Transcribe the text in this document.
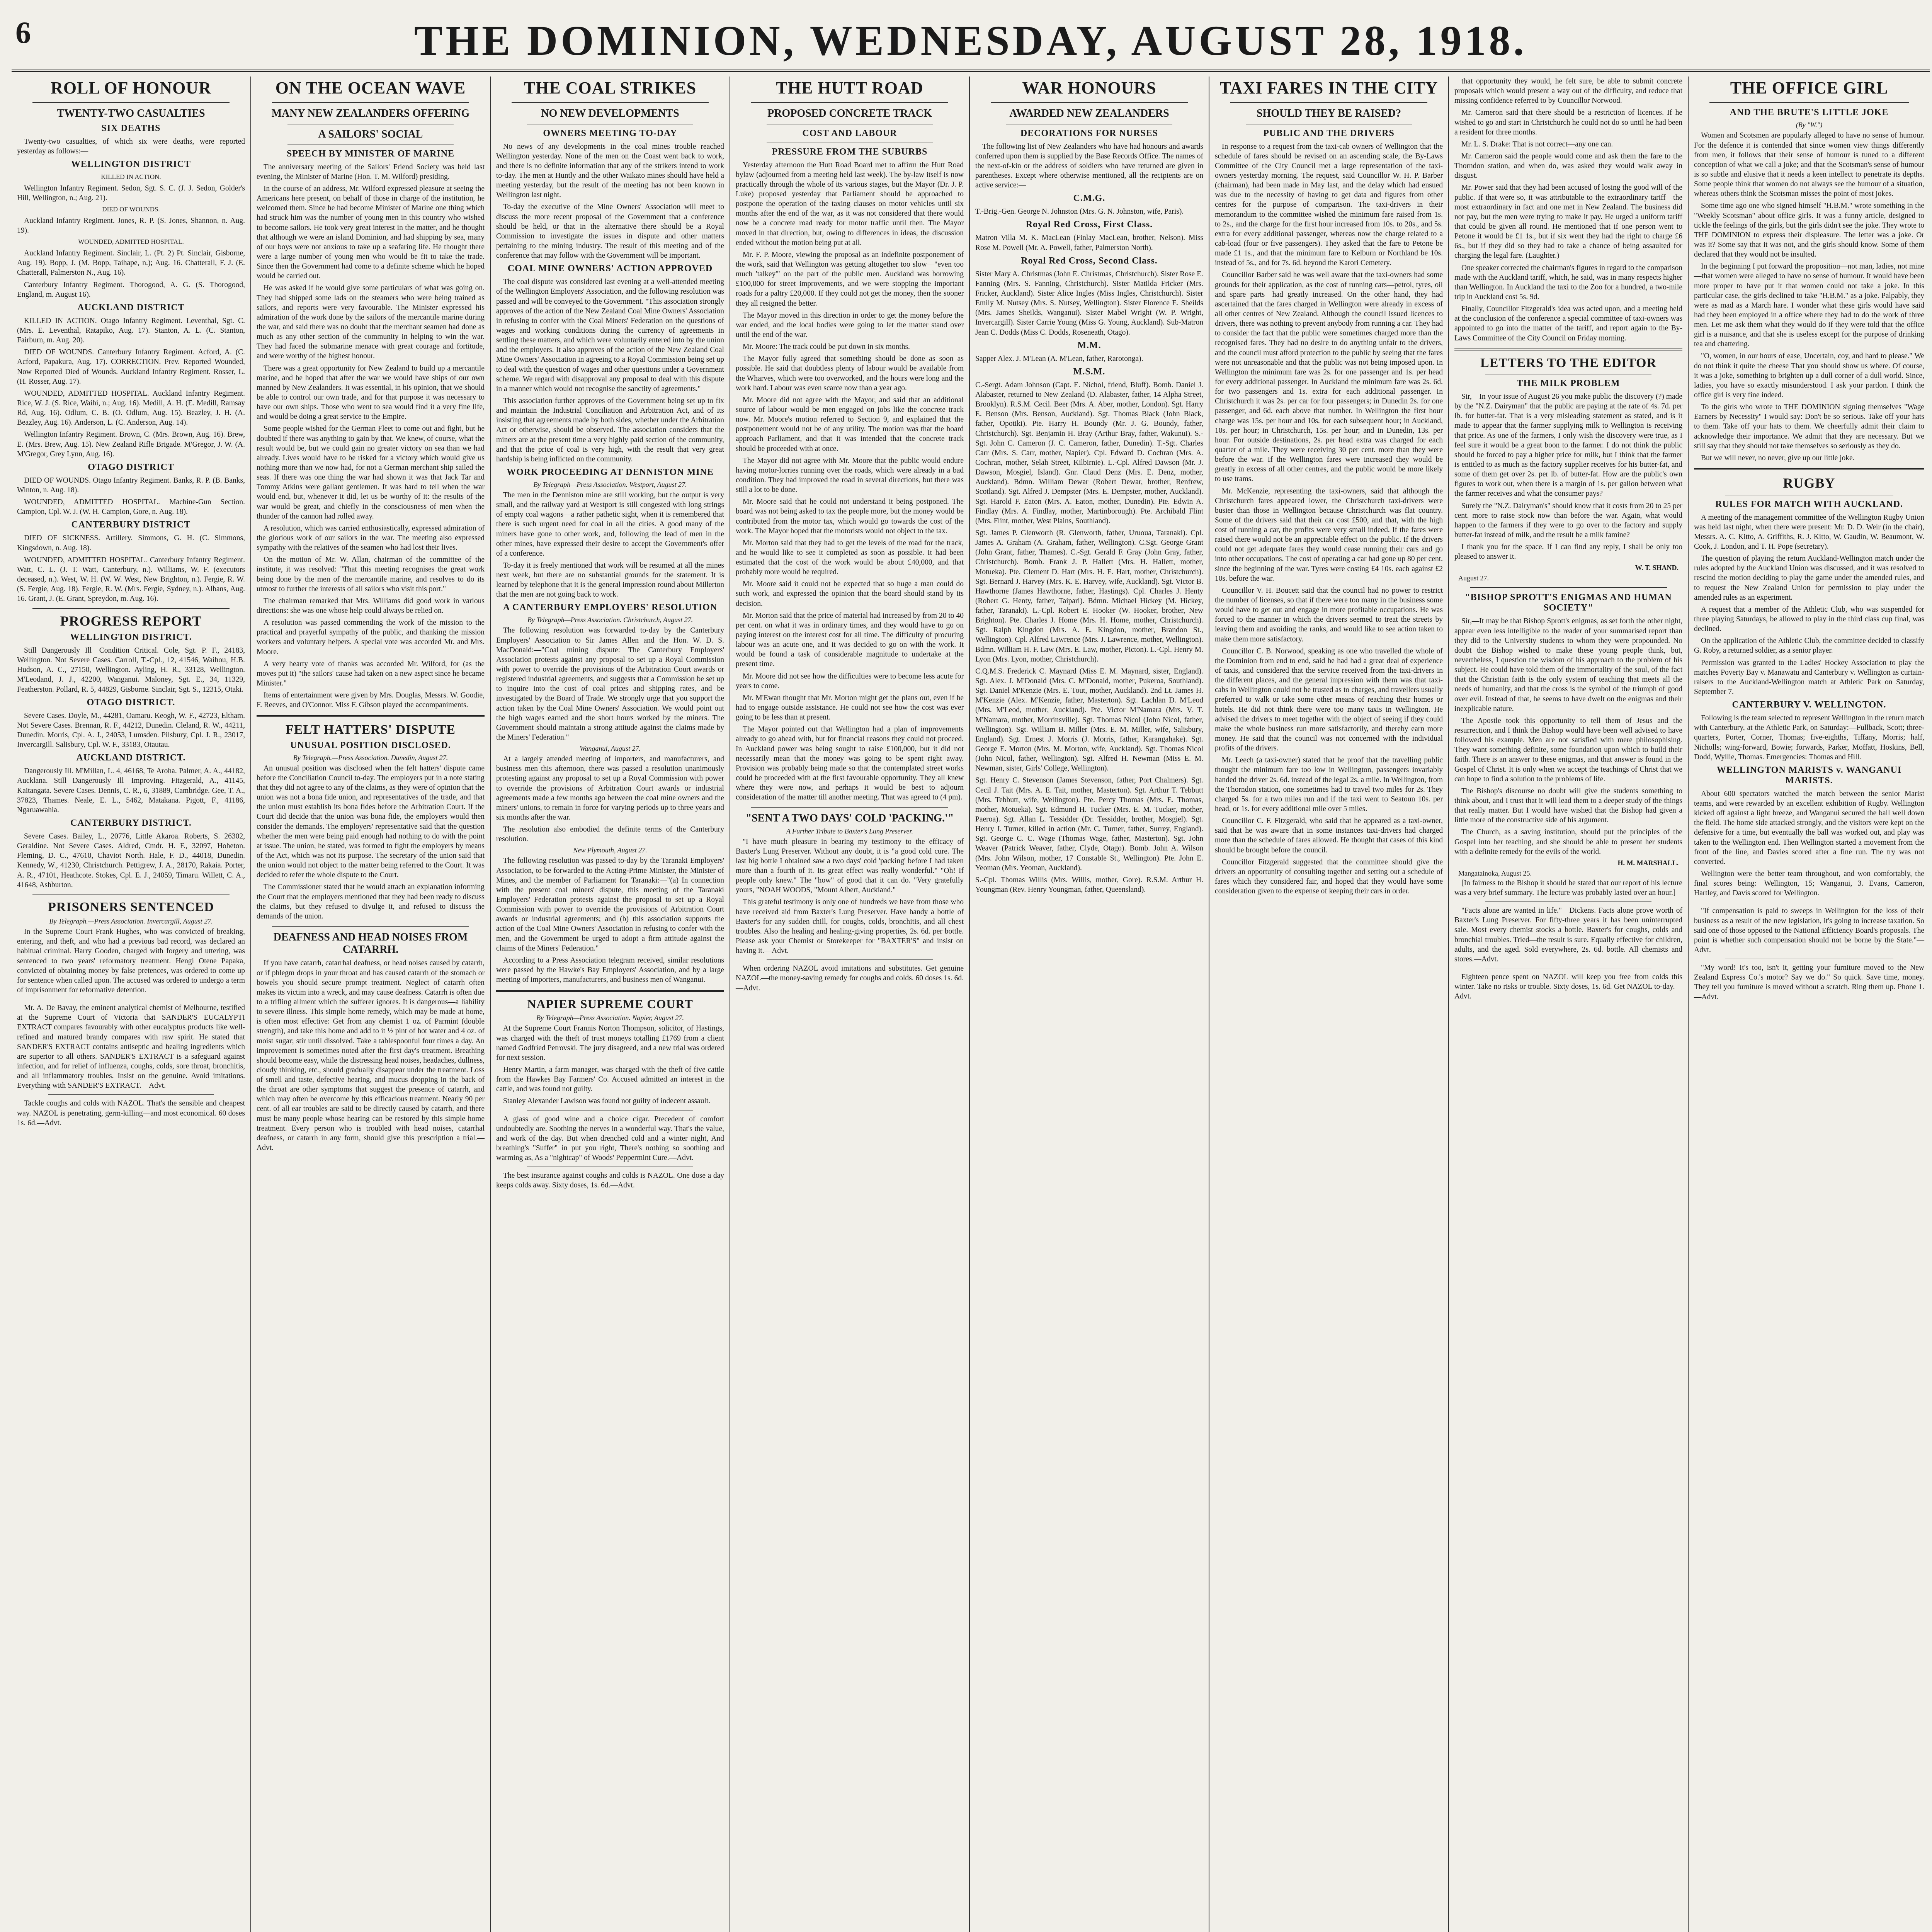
6	THE DOMINION, WEDNESDAY, AUGUST 28, 1918.
ROLL OF HONOUR
TWENTY-TWO CASUALTIES
SIX DEATHS

Twenty-two casualties, of which six were deaths, were reported yesterday as follows:—

WELLINGTON DISTRICT

KILLED IN ACTION.

Wellington Infantry Regiment. Sedon, Sgt. S. C. (J. J. Sedon, Golder's Hill, Wellington, n.; Aug. 21).

DIED OF WOUNDS.

Auckland Infantry Regiment. Jones, R. P. (S. Jones, Shannon, n. Aug. 19).

WOUNDED, ADMITTED HOSPITAL.

Auckland Infantry Regiment. Sinclair, L. (Pt. 2) Pt. Sinclair, Gisborne, Aug. 19). Bopp, J. (M. Bopp, Taihape, n.); Aug. 16. Chatterall, F. J. (E. Chatterall, Palmerston N., Aug. 16).

Canterbury Infantry Regiment. Thorogood, A. G. (S. Thorogood, England, m. August 16).

AUCKLAND DISTRICT

KILLED IN ACTION. Otago Infantry Regiment. Leventhal, Sgt. C. (Mrs. E. Leventhal, Ratapiko, Aug. 17). Stanton, A. L. (C. Stanton, Fairburn, m. Aug. 20).

DIED OF WOUNDS. Canterbury Infantry Regiment. Acford, A. (C. Acford, Papakura, Aug. 17). CORRECTION. Prev. Reported Wounded, Now Reported Died of Wounds. Auckland Infantry Regiment. Rosser, L. (H. Rosser, Aug. 17).

WOUNDED, ADMITTED HOSPITAL. Auckland Infantry Regiment. Rice, W. J. (S. Rice, Waihi, n.; Aug. 16). Medill, A. H. (E. Medill, Ramsay Rd, Aug. 16). Odlum, C. B. (O. Odlum, Aug. 15). Beazley, J. H. (A. Beazley, Aug. 16). Anderson, L. (C. Anderson, Aug. 14).

Wellington Infantry Regiment. Brown, C. (Mrs. Brown, Aug. 16). Brew, E. (Mrs. Brew, Aug. 15). New Zealand Rifle Brigade. M'Gregor, J. W. (A. M'Gregor, Grey Lynn, Aug. 16).

OTAGO DISTRICT

DIED OF WOUNDS. Otago Infantry Regiment. Banks, R. P. (B. Banks, Winton, n. Aug. 18).

WOUNDED, ADMITTED HOSPITAL. Machine-Gun Section. Campion, Cpl. W. J. (W. H. Campion, Gore, n. Aug. 18).

CANTERBURY DISTRICT

DIED OF SICKNESS. Artillery. Simmons, G. H. (C. Simmons, Kingsdown, n. Aug. 18).

WOUNDED, ADMITTED HOSPITAL. Canterbury Infantry Regiment. Watt, C. L. (J. T. Watt, Canterbury, n.). Williams, W. F. (executors deceased, n.). West, W. H. (W. W. West, New Brighton, n.). Fergie, R. W. (S. Fergie, Aug. 18). Fergie, R. W. (Mrs. Fergie, Sydney, n.). Albans, Aug. 16. Grant, J. (E. Grant, Spreydon, m. Aug. 16).

PROGRESS REPORT
WELLINGTON DISTRICT.

Still Dangerously Ill—Condition Critical. Cole, Sgt. P. F., 24183, Wellington. Not Severe Cases. Carroll, T.-Cpl., 12, 41546, Waihou, H.B. Hudson, A. C., 27150, Wellington. Ayling, H. R., 33128, Wellington. M'Leodand, J. J., 42200, Wanganui. Maloney, Sgt. E., 34, 11329, Featherston. Pollard, R. 5, 44829, Gisborne. Sinclair, Sgt. S., 12315, Otaki.

OTAGO DISTRICT.

Severe Cases. Doyle, M., 44281, Oamaru. Keogh, W. F., 42723, Eltham. Not Severe Cases. Brennan, R. F., 44212, Dunedin. Cleland, R. W., 44211, Dunedin. Morris, Cpl. A. J., 24053, Lumsden. Pilsbury, Cpl. J. R., 23017, Invercargill. Salisbury, Cpl. W. F., 33183, Otautau.

AUCKLAND DISTRICT.

Dangerously Ill. M'Millan, L. 4, 46168, Te Aroha. Palmer, A. A., 44182, Aucklana. Still Dangerously Ill—Improving. Fitzgerald, A., 41145, Kaitangata. Severe Cases. Dennis, C. R., 6, 31889, Cambridge. Gee, T. A., 37823, Thames. Neale, E. L., 5462, Matakana. Pigott, F., 41186, Ngaruawahia.

CANTERBURY DISTRICT.

Severe Cases. Bailey, L., 20776, Little Akaroa. Roberts, S. 26302, Geraldine. Not Severe Cases. Aldred, Cmdr. H. F., 32097, Hoheton. Fleming, D. C., 47610, Chaviot North. Hale, F. D., 44018, Dunedin. Kennedy, W., 41230, Christchurch. Pettigrew, J. A., 28170, Rakaia. Porter, A. R., 47101, Heathcote. Stokes, Cpl. E. J., 24059, Timaru. Willett, C. A., 41648, Ashburton.

PRISONERS SENTENCED
By Telegraph.—Press Association. Invercargill, August 27.

In the Supreme Court Frank Hughes, who was convicted of breaking, entering, and theft, and who had a previous bad record, was declared an habitual criminal. Harry Gooden, charged with forgery and uttering, was sentenced to two years' reformatory treatment. Hengi Otene Papaka, convicted of obtaining money by false pretences, was ordered to come up for sentence when called upon. The accused was ordered to undergo a term of imprisonment for reformative detention.

Mr. A. De Bavay, the eminent analytical chemist of Melbourne, testified at the Supreme Court of Victoria that SANDER'S EUCALYPTI EXTRACT compares favourably with other eucalyptus products like well-refined and matured brandy compares with raw spirit. He stated that SANDER'S EXTRACT contains antiseptic and healing ingredients which are superior to all others. SANDER'S EXTRACT is a safeguard against infection, and for relief of influenza, coughs, colds, sore throat, bronchitis, and all inflammatory troubles. Insist on the genuine. Avoid imitations. Everything with SANDER'S EXTRACT.—Advt.

Tackle coughs and colds with NAZOL. That's the sensible and cheapest way. NAZOL is penetrating, germ-killing—and most economical. 60 doses 1s. 6d.—Advt.

ON THE OCEAN WAVE
MANY NEW ZEALANDERS OFFERING
A SAILORS' SOCIAL
SPEECH BY MINISTER OF MARINE

The anniversary meeting of the Sailors' Friend Society was held last evening, the Minister of Marine (Hon. T. M. Wilford) presiding.

In the course of an address, Mr. Wilford expressed pleasure at seeing the Americans here present, on behalf of those in charge of the institution, he welcomed them. Since he had become Minister of Marine one thing which had struck him was the number of young men in this country who wished to become sailors. He took very great interest in the matter, and he thought that although we were an island Dominion, and had shipping by sea, many of our boys were not anxious to take up a seafaring life. He thought there were a large number of young men who would be fit to take the trade. Since then the Government had come to a definite scheme which he hoped would be carried out.

He was asked if he would give some particulars of what was going on. They had shipped some lads on the steamers who were being trained as sailors, and reports were very favourable. The Minister expressed his admiration of the work done by the sailors of the mercantile marine during the war, and said there was no doubt that the merchant seamen had done as much as any other section of the community in helping to win the war. They had faced the submarine menace with great courage and fortitude, and were worthy of the highest honour.

There was a great opportunity for New Zealand to build up a mercantile marine, and he hoped that after the war we would have ships of our own manned by New Zealanders. It was essential, in his opinion, that we should be able to control our own trade, and for that purpose it was necessary to have our own ships. Those who went to sea would find it a very fine life, and would be doing a great service to the Empire.

Some people wished for the German Fleet to come out and fight, but he doubted if there was anything to gain by that. We knew, of course, what the result would be, but we could gain no greater victory on sea than we had already. Lives would have to be risked for a victory which would give us nothing more than we now had, for not a German merchant ship sailed the seas. If there was one thing the war had shown it was that Jack Tar and Tommy Atkins were gallant gentlemen. It was hard to tell when the war would end, but, whenever it did, let us be worthy of it: the results of the war would be great, and chiefly in the consciousness of men when the thunder of the cannon had rolled away.

A resolution, which was carried enthusiastically, expressed admiration of the glorious work of our sailors in the war. The meeting also expressed sympathy with the relatives of the seamen who had lost their lives.

On the motion of Mr. W. Allan, chairman of the committee of the institute, it was resolved: "That this meeting recognises the great work being done by the men of the mercantile marine, and resolves to do its utmost to further the interests of all sailors who visit this port."

The chairman remarked that Mrs. Williams did good work in various directions: she was one whose help could always be relied on.

A resolution was passed commending the work of the mission to the practical and prayerful sympathy of the public, and thanking the mission workers and voluntary helpers. A special vote was accorded Mr. and Mrs. Moore.

A very hearty vote of thanks was accorded Mr. Wilford, for (as the moves put it) "the sailors' cause had taken on a new aspect since he became Minister."

Items of entertainment were given by Mrs. Douglas, Messrs. W. Goodie, F. Reeves, and O'Connor. Miss F. Gibson played the accompaniments.

FELT HATTERS' DISPUTE
UNUSUAL POSITION DISCLOSED.
By Telegraph.—Press Association. Dunedin, August 27.

An unusual position was disclosed when the felt hatters' dispute came before the Conciliation Council to-day. The employers put in a note stating that they did not agree to any of the claims, as they were of opinion that the union was not a bona fide union, and representatives of the trade, and that the union must establish its bona fides before the Arbitration Court. If the Court did decide that the union was bona fide, the employers would then consider the demands. The employers' representative said that the question whether the men were being paid enough had nothing to do with the point at issue. The union, he stated, was formed to fight the employers by means of the Act, which was not its purpose. The secretary of the union said that the union would not object to the matter being referred to the Court. It was decided to refer the whole dispute to the Court.

The Commissioner stated that he would attach an explanation informing the Court that the employers mentioned that they had been ready to discuss the claims, but they refused to divulge it, and refused to discuss the demands of the union.

DEAFNESS AND HEAD NOISES FROM CATARRH.

If you have catarrh, catarrhal deafness, or head noises caused by catarrh, or if phlegm drops in your throat and has caused catarrh of the stomach or bowels you should secure prompt treatment. Neglect of catarrh often makes its victim into a wreck, and may cause deafness. Catarrh is often due to a trifling ailment which the sufferer ignores. It is dangerous—a liability to severe illness. This simple home remedy, which may be made at home, is often most effective: Get from any chemist 1 oz. of Parmint (double strength), and take this home and add to it ½ pint of hot water and 4 oz. of moist sugar; stir until dissolved. Take a tablespoonful four times a day. An improvement is sometimes noted after the first day's treatment. Breathing should become easy, while the distressing head noises, headaches, dullness, cloudy thinking, etc., should gradually disappear under the treatment. Loss of smell and taste, defective hearing, and mucus dropping in the back of the throat are other symptoms that suggest the presence of catarrh, and which may often be overcome by this efficacious treatment. Nearly 90 per cent. of all ear troubles are said to be directly caused by catarrh, and there must be many people whose hearing can be restored by this simple home treatment. Every person who is troubled with head noises, catarrhal deafness, or catarrh in any form, should give this prescription a trial.—Advt.

THE COAL STRIKES
NO NEW DEVELOPMENTS
OWNERS MEETING TO-DAY

No news of any developments in the coal mines trouble reached Wellington yesterday. None of the men on the Coast went back to work, and there is no definite information that any of the strikers intend to work to-day. The men at Huntly and the other Waikato mines should have held a meeting yesterday, but the result of the meeting has not been known in Wellington last night.

To-day the executive of the Mine Owners' Association will meet to discuss the more recent proposal of the Government that a conference should be held, or that in the alternative there should be a Royal Commission to investigate the issues in dispute and other matters pertaining to the mining industry. The result of this meeting and of the conference that may follow with the Government will be important.

COAL MINE OWNERS' ACTION APPROVED

The coal dispute was considered last evening at a well-attended meeting of the Wellington Employers' Association, and the following resolution was passed and will be conveyed to the Government. "This association strongly approves of the action of the New Zealand Coal Mine Owners' Association in refusing to confer with the Coal Miners' Federation on the questions of wages and working conditions during the currency of agreements in settling these matters, and which were voluntarily entered into by the union and the employers. It also approves of the action of the New Zealand Coal Mine Owners' Association in agreeing to a Royal Commission being set up to deal with the question of wages and other questions under a Government scheme. We regard with disapproval any proposal to deal with this dispute in a manner which would not recognise the sanctity of agreements."

This association further approves of the Government being set up to fix and maintain the Industrial Conciliation and Arbitration Act, and of its insisting that agreements made by both sides, whether under the Arbitration Act or otherwise, should be observed. The association considers that the miners are at the present time a very highly paid section of the community, and that the price of coal is very high, with the result that very great hardship is being inflicted on the community.

WORK PROCEEDING AT DENNISTON MINE
By Telegraph—Press Association. Westport, August 27.

The men in the Denniston mine are still working, but the output is very small, and the railway yard at Westport is still congested with long strings of empty coal wagons—a rather pathetic sight, when it is remembered that there is such urgent need for coal in all the cities. A good many of the miners have gone to other work, and, following the lead of men in the other mines, have expressed their desire to accept the Government's offer of a conference.

To-day it is freely mentioned that work will be resumed at all the mines next week, but there are no substantial grounds for the statement. It is learned by telephone that it is the general impression round about Millerton that the men are not going back to work.

A CANTERBURY EMPLOYERS' RESOLUTION
By Telegraph—Press Association. Christchurch, August 27.

The following resolution was forwarded to-day by the Canterbury Employers' Association to Sir James Allen and the Hon. W. D. S. MacDonald:—"Coal mining dispute: The Canterbury Employers' Association protests against any proposal to set up a Royal Commission with power to override the provisions of the Arbitration Court awards or registered industrial agreements, and suggests that a Commission be set up to inquire into the cost of coal prices and shipping rates, and be investigated by the Board of Trade. We strongly urge that you support the action taken by the Coal Mine Owners' Association. We would point out the high wages earned and the short hours worked by the miners. The Government should maintain a strong attitude against the claims made by the Miners' Federation."

Wanganui, August 27.

At a largely attended meeting of importers, and manufacturers, and business men this afternoon, there was passed a resolution unanimously protesting against any proposal to set up a Royal Commission with power to override the provisions of Arbitration Court awards or industrial agreements made a few months ago between the coal mine owners and the miners' unions, to remain in force for varying periods up to three years and six months after the war.

The resolution also embodied the definite terms of the Canterbury resolution.

New Plymouth, August 27.

The following resolution was passed to-day by the Taranaki Employers' Association, to be forwarded to the Acting-Prime Minister, the Minister of Mines, and the member of Parliament for Taranaki:—"(a) In connection with the present coal miners' dispute, this meeting of the Taranaki Employers' Federation protests against the proposal to set up a Royal Commission with power to override the provisions of Arbitration Court awards or industrial agreements; and (b) this association supports the action of the Coal Mine Owners' Association in refusing to confer with the men, and the Government be urged to adopt a firm attitude against the claims of the Miners' Federation."

According to a Press Association telegram received, similar resolutions were passed by the Hawke's Bay Employers' Association, and by a large meeting of importers, manufacturers, and business men of Wanganui.

NAPIER SUPREME COURT
By Telegraph—Press Association. Napier, August 27.

At the Supreme Court Frannis Norton Thompson, solicitor, of Hastings, was charged with the theft of trust moneys totalling £1769 from a client named Godfried Petrovski. The jury disagreed, and a new trial was ordered for next session.

Henry Martin, a farm manager, was charged with the theft of five cattle from the Hawkes Bay Farmers' Co. Accused admitted an interest in the cattle, and was found not guilty.

Stanley Alexander Lawlson was found not guilty of indecent assault.

A glass of good wine and a choice cigar. Precedent of comfort undoubtedly are. Soothing the nerves in a wonderful way. That's the value, and work of the day. But when drenched cold and a winter night, And breathing's "Suffer" in put you right, There's nothing so soothing and warming as, As a "nightcap" of Woods' Peppermint Cure.—Advt.

The best insurance against coughs and colds is NAZOL. One dose a day keeps colds away. Sixty doses, 1s. 6d.—Advt.

THE HUTT ROAD
PROPOSED CONCRETE TRACK
COST AND LABOUR
PRESSURE FROM THE SUBURBS

Yesterday afternoon the Hutt Road Board met to affirm the Hutt Road bylaw (adjourned from a meeting held last week). The by-law itself is now practically through the whole of its various stages, but the Mayor (Dr. J. P. Luke) proposed yesterday that Parliament should be approached to postpone the operation of the taxing clauses on motor vehicles until six months after the end of the war, as it was not considered that there would now be a concrete road ready for motor traffic until then. The Mayor moved in that direction, but, owing to differences in ideas, the discussion ended without the motion being put at all.

Mr. F. P. Moore, viewing the proposal as an indefinite postponement of the work, said that Wellington was getting altogether too slow—"even too much 'talkey'" on the part of the public men. Auckland was borrowing £100,000 for street improvements, and we were stopping the important roads for a paltry £20,000. If they could not get the money, then the sooner they all resigned the better.

The Mayor moved in this direction in order to get the money before the war ended, and the local bodies were going to let the matter stand over until the end of the war.

Mr. Moore: The track could be put down in six months.

The Mayor fully agreed that something should be done as soon as possible. He said that doubtless plenty of labour would be available from the Wharves, which were too overworked, and the hours were long and the work hard. Labour was even scarce now than a year ago.

Mr. Moore did not agree with the Mayor, and said that an additional source of labour would be men engaged on jobs like the concrete track now. Mr. Moore's motion referred to Section 9, and explained that the postponement would not be of any utility. The motion was that the board approach Parliament, and that it was intended that the concrete track should be proceeded with at once.

The Mayor did not agree with Mr. Moore that the public would endure having motor-lorries running over the roads, which were already in a bad condition. They had improved the road in several directions, but there was still a lot to be done.

Mr. Moore said that he could not understand it being postponed. The board was not being asked to tax the people more, but the money would be contributed from the motor tax, which would go towards the cost of the work. The Mayor hoped that the motorists would not object to the tax.

Mr. Morton said that they had to get the levels of the road for the track, and he would like to see it completed as soon as possible. It had been estimated that the cost of the work would be about £40,000, and that probably more would be required.

Mr. Moore said it could not be expected that so huge a man could do such work, and expressed the opinion that the board should stand by its decision.

Mr. Morton said that the price of material had increased by from 20 to 40 per cent. on what it was in ordinary times, and they would have to go on paying interest on the interest cost for all time. The difficulty of procuring labour was an acute one, and it was decided to go on with the work. It would be found a task of considerable magnitude to undertake at the present time.

Mr. Moore did not see how the difficulties were to become less acute for years to come.

Mr. M'Ewan thought that Mr. Morton might get the plans out, even if he had to engage outside assistance. He could not see how the cost was ever going to be less than at present.

The Mayor pointed out that Wellington had a plan of improvements already to go ahead with, but for financial reasons they could not proceed. In Auckland power was being sought to raise £100,000, but it did not necessarily mean that the money was going to be spent right away. Provision was probably being made so that the contemplated street works could be proceeded with at the first favourable opportunity. They all knew where they were now, and perhaps it would be best to adjourn consideration of the matter till another meeting. That was agreed to (4 pm).

"SENT A TWO DAYS' COLD 'PACKING.'"
A Further Tribute to Baxter's Lung Preserver.

"I have much pleasure in bearing my testimony to the efficacy of Baxter's Lung Preserver. Without any doubt, it is "a good cold cure. The last big bottle I obtained saw a two days' cold 'packing' before I had taken more than a fourth of it. Its great effect was really wonderful." "Oh! If people only knew." The "how" of good that it can do. "Very gratefully yours, "NOAH WOODS, "Mount Albert, Auckland."

This grateful testimony is only one of hundreds we have from those who have received aid from Baxter's Lung Preserver. Have handy a bottle of Baxter's for any sudden chill, for coughs, colds, bronchitis, and all chest troubles. Also the healing and healing-giving properties, 2s. 6d. per bottle. Please ask your Chemist or Storekeeper for "BAXTER'S" and insist on having it.—Advt.

When ordering NAZOL avoid imitations and substitutes. Get genuine NAZOL—the money-saving remedy for coughs and colds. 60 doses 1s. 6d.—Advt.

WAR HONOURS
AWARDED NEW ZEALANDERS
DECORATIONS FOR NURSES

The following list of New Zealanders who have had honours and awards conferred upon them is supplied by the Base Records Office. The names of the next-of-kin or the address of soldiers who have returned are given in parentheses. Except where otherwise mentioned, all the recipients are on active service:—

C.M.G.

T.-Brig.-Gen. George N. Johnston (Mrs. G. N. Johnston, wife, Paris).

Royal Red Cross, First Class.

Matron Villa M. K. MacLean (Finlay MacLean, brother, Nelson). Miss Rose M. Powell (Mr. A. Powell, father, Palmerston North).

Royal Red Cross, Second Class.

Sister Mary A. Christmas (John E. Christmas, Christchurch). Sister Rose E. Fanning (Mrs. S. Fanning, Christchurch). Sister Matilda Fricker (Mrs. Fricker, Auckland). Sister Alice Ingles (Miss Ingles, Christchurch). Sister Emily M. Nutsey (Mrs. S. Nutsey, Wellington). Sister Florence E. Sheilds (Mrs. James Sheilds, Wanganui). Sister Mabel Wright (W. P. Wright, Invercargill). Sister Carrie Young (Miss G. Young, Auckland). Sub-Matron Jean C. Dodds (Miss C. Dodds, Roseneath, Otago).

M.M.

Sapper Alex. J. M'Lean (A. M'Lean, father, Rarotonga).

M.S.M.

C.-Sergt. Adam Johnson (Capt. E. Nichol, friend, Bluff). Bomb. Daniel J. Alabaster, returned to New Zealand (D. Alabaster, father, 14 Alpha Street, Brooklyn). R.S.M. Cecil. Beer (Mrs. A. Aber, mother, London). Sgt. Harry E. Benson (Mrs. Benson, Auckland). Sgt. Thomas Black (John Black, father, Opotiki). Pte. Harry H. Boundy (Mr. J. G. Boundy, father, Christchurch). Sgt. Benjamin H. Bray (Arthur Bray, father, Wakunui). S.-Sgt. John C. Cameron (J. C. Cameron, father, Dunedin). T.-Sgt. Charles Carr (Mrs. S. Carr, mother, Napier). Cpl. Edward D. Cochran (Mrs. A. Cochran, mother, Selah Street, Kilbirnie). L.-Cpl. Alfred Dawson (Mr. J. Dawson, Mosgiel, Island). Gnr. Claud Denz (Mrs. E. Denz, mother, Auckland). Bdmn. William Dewar (Robert Dewar, brother, Renfrew, Scotland). Sgt. Alfred J. Dempster (Mrs. E. Dempster, mother, Auckland). Sgt. Harold F. Eaton (Mrs. A. Eaton, mother, Dunedin). Pte. Edwin A. Findlay (Mrs. A. Findlay, mother, Martinborough). Pte. Archibald Flint (Mrs. Flint, mother, West Plains, Southland).

Sgt. James P. Glenworth (R. Glenworth, father, Uruoua, Taranaki). Cpl. James A. Graham (A. Graham, father, Wellington). C.Sgt. George Grant (John Grant, father, Thames). C.-Sgt. Gerald F. Gray (John Gray, father, Christchurch). Bomb. Frank J. P. Hallett (Mrs. H. Hallett, mother, Motueka). Pte. Clement D. Hart (Mrs. H. E. Hart, mother, Christchurch). Sgt. Bernard J. Harvey (Mrs. K. E. Harvey, wife, Auckland). Sgt. Victor B. Hawthorne (James Hawthorne, father, Hastings). Cpl. Charles J. Henty (Robert G. Henty, father, Taipari). Bdmn. Michael Hickey (M. Hickey, father, Taranaki). L.-Cpl. Robert E. Hooker (W. Hooker, brother, New Brighton). Pte. Charles J. Home (Mrs. H. Home, mother, Christchurch). Sgt. Ralph Kingdon (Mrs. A. E. Kingdon, mother, Brandon St., Wellington). Cpl. Alfred Lawrence (Mrs. J. Lawrence, mother, Wellington). Bdmn. William H. F. Law (Mrs. E. Law, mother, Picton). L.-Cpl. Henry M. Lyon (Mrs. Lyon, mother, Christchurch).

C.Q.M.S. Frederick C. Maynard (Miss E. M. Maynard, sister, England). Sgt. Alex. J. M'Donald (Mrs. C. M'Donald, mother, Pukeroa, Southland). Sgt. Daniel M'Kenzie (Mrs. E. Tout, mother, Auckland). 2nd Lt. James H. M'Kenzie (Alex. M'Kenzie, father, Masterton). Sgt. Lachlan D. M'Leod (Mrs. M'Leod, mother, Auckland). Pte. Victor M'Namara (Mrs. V. T. M'Namara, mother, Morrinsville). Sgt. Thomas Nicol (John Nicol, father, Wellington). Sgt. William B. Miller (Mrs. E. M. Miller, wife, Salisbury, England). Sgt. Ernest J. Morris (J. Morris, father, Karangahake). Sgt. George E. Morton (Mrs. M. Morton, wife, Auckland). Sgt. Thomas Nicol (John Nicol, father, Wellington). Sgt. Alfred H. Newman (Miss E. M. Newman, sister, Girls' College, Wellington).

Sgt. Henry C. Stevenson (James Stevenson, father, Port Chalmers). Sgt. Cecil J. Tait (Mrs. A. E. Tait, mother, Masterton). Sgt. Arthur T. Tebbutt (Mrs. Tebbutt, wife, Wellington). Pte. Percy Thomas (Mrs. E. Thomas, mother, Motueka). Sgt. Edmund H. Tucker (Mrs. E. M. Tucker, mother, Paeroa). Sgt. Allan L. Tessidder (Dr. Tessidder, brother, Mosgiel). Sgt. Henry J. Turner, killed in action (Mr. C. Turner, father, Surrey, England). Sgt. George C. C. Wage (Thomas Wage, father, Masterton). Sgt. John Weaver (Patrick Weaver, father, Clyde, Otago). Bomb. John A. Wilson (Mrs. John Wilson, mother, 17 Constable St., Wellington). Pte. John E. Yeoman (Mrs. Yeoman, Auckland).

S.-Cpl. Thomas Willis (Mrs. Willis, mother, Gore). R.S.M. Arthur H. Youngman (Rev. Henry Youngman, father, Queensland).

TAXI FARES IN THE CITY
SHOULD THEY BE RAISED?
PUBLIC AND THE DRIVERS

In response to a request from the taxi-cab owners of Wellington that the schedule of fares should be revised on an ascending scale, the By-Laws Committee of the City Council met a large representation of the taxi-owners yesterday morning. The request, said Councillor W. H. P. Barber (chairman), had been made in May last, and the delay which had ensued was due to the necessity of having to get data and figures from other centres for the purpose of comparison. The taxi-drivers in their memorandum to the committee wished the minimum fare raised from 1s. to 2s., and the charge for the first hour increased from 10s. to 20s., and 5s. extra for every additional passenger, whereas now the charge related to a cab-load (four or five passengers). They asked that the fare to Petone be made £1 1s., and that the minimum fare to Kelburn or Northland be 10s. instead of 5s., and for 7s. 6d. beyond the Karori Cemetery.

Councillor Barber said he was well aware that the taxi-owners had some grounds for their application, as the cost of running cars—petrol, tyres, oil and spare parts—had greatly increased. On the other hand, they had ascertained that the fares charged in Wellington were already in excess of all other centres of New Zealand. Although the council issued licences to drivers, there was nothing to prevent anybody from running a car. They had to consider the fact that the public were sometimes charged more than the recognised fares. They had no desire to do anything unfair to the drivers, and the council must afford protection to the public by seeing that the fares were not unreasonable and that the public was not being imposed upon. In Wellington the minimum fare was 2s. for one passenger and 1s. per head for every additional passenger. In Auckland the minimum fare was 2s. 6d. for two passengers and 1s. extra for each additional passenger. In Christchurch it was 2s. per car for four passengers; in Dunedin 2s. for one passenger, and 6d. each above that number. In Wellington the first hour charge was 15s. per hour and 10s. for each subsequent hour; in Auckland, 10s. per hour; in Christchurch, 15s. per hour; and in Dunedin, 13s. per hour. For outside destinations, 2s. per head extra was charged for each quarter of a mile. They were receiving 30 per cent. more than they were before the war. If the Wellington fares were increased they would be greatly in excess of all other centres, and the public would be more likely to use trams.

Mr. McKenzie, representing the taxi-owners, said that although the Christchurch fares appeared lower, the Christchurch taxi-drivers were busier than those in Wellington because Christchurch was flat country. Some of the drivers said that their car cost £500, and that, with the high cost of running a car, the profits were very small indeed. If the fares were raised there would not be an appreciable effect on the public. If the drivers could not get adequate fares they would cease running their cars and go into other occupations. The cost of operating a car had gone up 80 per cent. since the beginning of the war. Tyres were costing £4 10s. each against £2 10s. before the war.

Councillor V. H. Boucett said that the council had no power to restrict the number of licenses, so that if there were too many in the business some would have to get out and engage in more profitable occupations. He was forced to the manner in which the drivers seemed to treat the streets by leaving them and avoiding the ranks, and would like to see action taken to make them more satisfactory.

Councillor C. B. Norwood, speaking as one who travelled the whole of the Dominion from end to end, said he had had a great deal of experience of taxis, and considered that the service received from the taxi-drivers in the different places, and the general impression with them was that taxi-cabs in Wellington could not be trusted as to charges, and travellers usually preferred to walk or take some other means of reaching their homes or hotels. He did not think there were too many taxis in Wellington. He advised the drivers to meet together with the object of seeing if they could make the whole business run more satisfactorily, and thereby earn more money. He said that the council was not concerned with the individual profits of the drivers.

Mr. Leech (a taxi-owner) stated that he proof that the travelling public thought the minimum fare too low in Wellington, passengers invariably handed the driver 2s. 6d. instead of the legal 2s. a mile. In Wellington, from the Thorndon station, one sometimes had to travel two miles for 2s. They charged 5s. for a two miles run and if the taxi went to Seatoun 10s. per head, or 1s. for every additional mile over 5 miles.

Councillor C. F. Fitzgerald, who said that he appeared as a taxi-owner, said that he was aware that in some instances taxi-drivers had charged more than the schedule of fares allowed. He thought that cases of this kind should be brought before the council.

Councillor Fitzgerald suggested that the committee should give the drivers an opportunity of consulting together and setting out a schedule of fares which they considered fair, and hoped that they would have some consideration given to the expense of keeping their cars in order.

that opportunity they would, he felt sure, be able to submit concrete proposals which would present a way out of the difficulty, and reduce that missing confidence referred to by Councillor Norwood.

Mr. Cameron said that there should be a restriction of licences. If he wished to go and start in Christchurch he could not do so until he had been a resident for three months.

Mr. L. S. Drake: That is not correct—any one can.

Mr. Cameron said the people would come and ask them the fare to the Thorndon station, and when do, was asked they would walk away in disgust.

Mr. Power said that they had been accused of losing the good will of the public. If that were so, it was attributable to the extraordinary tariff—the most extraordinary in fact and one met in New Zealand. The business did not pay, but the men were trying to make it pay. He urged a uniform tariff that could be given all round. He mentioned that if one person went to Petone it would be £1 1s., but if six went they had the right to charge £6 6s., but if they did so they had to take a chance of being assaulted for charging the legal fare. (Laughter.)

One speaker corrected the chairman's figures in regard to the comparison made with the Auckland tariff, which, he said, was in many respects higher than Wellington. In Auckland the taxi to the Zoo for a hundred, a two-mile trip in Auckland cost 5s. 9d.

Finally, Councillor Fitzgerald's idea was acted upon, and a meeting held at the conclusion of the conference a special committee of taxi-owners was appointed to go into the matter of the tariff, and report again to the By-Laws Committee of the City Council on Friday morning.

LETTERS TO THE EDITOR
THE MILK PROBLEM

Sir,—In your issue of August 26 you make public the discovery (?) made by the "N.Z. Dairyman" that the public are paying at the rate of 4s. 7d. per lb. for butter-fat. That is a very misleading statement as stated, and is it made to appear that the farmer supplying milk to Wellington is receiving that price. As one of the farmers, I only wish the discovery were true, as I feel sure it would be a great boon to the farmer. I do not think the public should be forced to pay a higher price for milk, but I think that the farmer is entitled to as much as the factory supplier receives for his butter-fat, and some of them get over 2s. per lb. of butter-fat. How are the public's own figures to work out, when there is a margin of 1s. per gallon between what the farmer receives and what the consumer pays?

Surely the "N.Z. Dairyman's" should know that it costs from 20 to 25 per cent. more to raise stock now than before the war. Again, what would happen to the farmers if they were to go over to the factory and supply butter-fat instead of milk, and the result be a milk famine?

I thank you for the space. If I can find any reply, I shall be only too pleased to answer it.

W. T. SHAND.
August 27.
"BISHOP SPROTT'S ENIGMAS AND HUMAN SOCIETY"

Sir,—It may be that Bishop Sprott's enigmas, as set forth the other night, appear even less intelligible to the reader of your summarised report than they did to the University students to whom they were propounded. No doubt the Bishop wished to make these young people think, but, nevertheless, I question the wisdom of his approach to the problem of his subject. He could have told them of the immortality of the soul, of the fact that the Christian faith is the only system of teaching that meets all the needs of humanity, and that the cross is the symbol of the triumph of good over evil. Instead of that, he seems to have dwelt on the enigmas and their inexplicable nature.

The Apostle took this opportunity to tell them of Jesus and the resurrection, and I think the Bishop would have been well advised to have followed his example. Men are not satisfied with mere philosophising. They want something definite, some foundation upon which to build their faith. There is an answer to these enigmas, and that answer is found in the Gospel of Christ. It is only when we accept the teachings of Christ that we can hope to find a solution to the problems of life.

The Bishop's discourse no doubt will give the students something to think about, and I trust that it will lead them to a deeper study of the things that really matter. But I would have wished that the Bishop had given a little more of the constructive side of his argument.

The Church, as a saving institution, should put the principles of the Gospel into her teaching, and she should be able to present her students with a definite remedy for the evils of the world.

H. M. MARSHALL.
Mangatainoka, August 25.

[In fairness to the Bishop it should be stated that our report of his lecture was a very brief summary. The lecture was probably lasted over an hour.]

"Facts alone are wanted in life."—Dickens. Facts alone prove worth of Baxter's Lung Preserver. For fifty-three years it has been uninterrupted sale. Most every chemist stocks a bottle. Baxter's for coughs, colds and bronchial troubles. Tried—the result is sure. Equally effective for children, adults, and the aged. Sold everywhere, 2s. 6d. bottle. All chemists and stores.—Advt.

Eighteen pence spent on NAZOL will keep you free from colds this winter. Take no risks or trouble. Sixty doses, 1s. 6d. Get NAZOL to-day.—Advt.

THE OFFICE GIRL
AND THE BRUTE'S LITTLE JOKE
(By "W.")

Women and Scotsmen are popularly alleged to have no sense of humour. For the defence it is contended that since women view things differently from men, it follows that their sense of humour is tuned to a different conception of what we call a joke; and that the Scotsman's sense of humour is so subtle and elusive that it needs a keen intellect to penetrate its depths. Some people think that women do not always see the humour of a situation, whereas others think the Scotsman misses the point of most jokes.

Some time ago one who signed himself "H.B.M." wrote something in the "Weekly Scotsman" about office girls. It was a funny article, designed to tickle the feelings of the girls, but the girls didn't see the joke. They wrote to THE DOMINION to express their displeasure. The letter was a joke. Or was it? Some say that it was not, and the girls should know. Some of them declared that they would not be insulted.

In the beginning I put forward the proposition—not man, ladies, not mine—that women were alleged to have no sense of humour. It would have been more proper to have put it that women could not take a joke. In this particular case, the girls declined to take "H.B.M." as a joke. Palpably, they were as mad as a March hare. I wonder what these girls would have said had they been employed in a office where they had to do the work of three men. Let me ask them what they would do if they were told that the office girl is a nuisance, and that she is useless except for the purpose of drinking tea and chattering.

"O, women, in our hours of ease, Uncertain, coy, and hard to please." We do not think it quite the cheese That you should show us where. Of course, it was a joke, something to brighten up a dull corner of a dull world. Since, ladies, you have so exactly misunderstood. I ask your pardon. I think the office girl is very fine indeed.

To the girls who wrote to THE DOMINION signing themselves "Wage Earners by Necessity" I would say: Don't be so serious. Take off your hats to them. Take off your hats to them. We cheerfully admit their claim to acknowledge their importance. We admit that they are necessary. But we still say that they should not take themselves so seriously as they do.

But we will never, no never, give up our little joke.

RUGBY
RULES FOR MATCH WITH AUCKLAND.

A meeting of the management committee of the Wellington Rugby Union was held last night, when there were present: Mr. D. D. Weir (in the chair), Messrs. A. C. Kitto, A. Griffiths, R. J. Kitto, W. Gaudin, W. Beaumont, W. Cook, J. London, and T. H. Pope (secretary).

The question of playing the return Auckland-Wellington match under the rules adopted by the Auckland Union was discussed, and it was resolved to rescind the motion deciding to play the game under the amended rules, and to request the New Zealand Union for permission to play under the amended rules as an experiment.

A request that a member of the Athletic Club, who was suspended for three playing Saturdays, be allowed to play in the third class cup final, was declined.

On the application of the Athletic Club, the committee decided to classify G. Roby, a returned soldier, as a senior player.

Permission was granted to the Ladies' Hockey Association to play the matches Poverty Bay v. Manawatu and Canterbury v. Wellington as curtain-raisers to the Auckland-Wellington match at Athletic Park on Saturday, September 7.

CANTERBURY V. WELLINGTON.

Following is the team selected to represent Wellington in the return match with Canterbury, at the Athletic Park, on Saturday:—Fullback, Scott; three-quarters, Porter, Corner, Thomas; five-eighths, Tiffany, Morris; half, Nicholls; wing-forward, Bowie; forwards, Parker, Moffatt, Hoskins, Bell, Dodd, Wyllie, Thomas. Emergencies: Thomas and Hill.

WELLINGTON MARISTS v. WANGANUI MARISTS.

About 600 spectators watched the match between the senior Marist teams, and were rewarded by an excellent exhibition of Rugby. Wellington kicked off against a light breeze, and Wanganui secured the ball well down the field. The home side attacked strongly, and the visitors were kept on the defensive for a time, but eventually the ball was worked out, and play was taken to the Wellington end. Then Wellington started a movement from the front of the line, and Davies scored after a fine run. The try was not converted.

Wellington were the better team throughout, and won comfortably, the final scores being:—Wellington, 15; Wanganui, 3. Evans, Cameron, Hartley, and Davis scored for Wellington.

"If compensation is paid to sweeps in Wellington for the loss of their business as a result of the new legislation, it's going to increase taxation. So said one of those opposed to the National Efficiency Board's proposals. The point is whether such compensation should not be borne by the State."—Advt.

"My word! It's too, isn't it, getting your furniture moved to the New Zealand Express Co.'s motor? Say we do." So quick. Save time, money. They tell you furniture is moved without a scratch. Ring them up. Phone 1.—Advt.
